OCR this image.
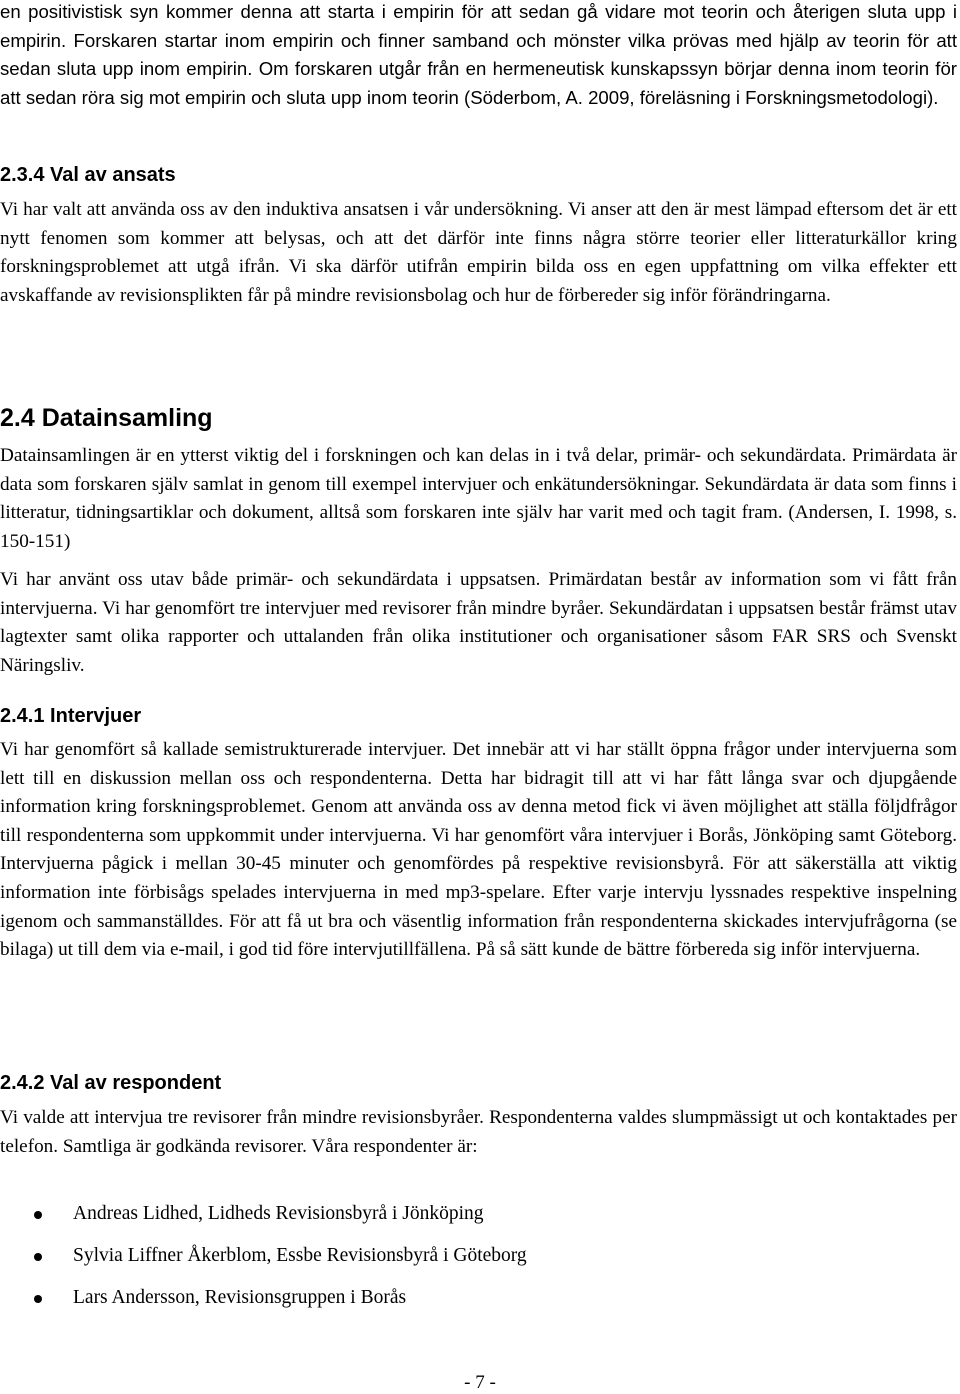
en positivistisk syn kommer denna att starta i empirin för att sedan gå vidare mot teorin och återigen sluta upp i empirin. Forskaren startar inom empirin och finner samband och mönster vilka prövas med hjälp av teorin för att sedan sluta upp inom empirin. Om forskaren utgår från en hermeneutisk kunskapssyn börjar denna inom teorin för att sedan röra sig mot empirin och sluta upp inom teorin (Söderbom, A. 2009, föreläsning i Forskningsmetodologi).

2.3.4 Val av ansats

Vi har valt att använda oss av den induktiva ansatsen i vår undersökning. Vi anser att den är mest lämpad eftersom det är ett nytt fenomen som kommer att belysas, och att det därför inte finns några större teorier eller litteraturkällor kring forskningsproblemet att utgå ifrån. Vi ska därför utifrån empirin bilda oss en egen uppfattning om vilka effekter ett avskaffande av revisionsplikten får på mindre revisionsbolag och hur de förbereder sig inför förändringarna.

2.4 Datainsamling

Datainsamlingen är en ytterst viktig del i forskningen och kan delas in i två delar, primär- och sekundärdata. Primärdata är data som forskaren själv samlat in genom till exempel intervjuer och enkätundersökningar. Sekundärdata är data som finns i litteratur, tidningsartiklar och dokument, alltså som forskaren inte själv har varit med och tagit fram. (Andersen, I. 1998, s. 150-151)

Vi har använt oss utav både primär- och sekundärdata i uppsatsen. Primärdatan består av information som vi fått från intervjuerna. Vi har genomfört tre intervjuer med revisorer från mindre byråer. Sekundärdatan i uppsatsen består främst utav lagtexter samt olika rapporter och uttalanden från olika institutioner och organisationer såsom FAR SRS och Svenskt Näringsliv.

2.4.1 Intervjuer

Vi har genomfört så kallade semistrukturerade intervjuer. Det innebär att vi har ställt öppna frågor under intervjuerna som lett till en diskussion mellan oss och respondenterna. Detta har bidragit till att vi har fått långa svar och djupgående information kring forskningsproblemet. Genom att använda oss av denna metod fick vi även möjlighet att ställa följdfrågor till respondenterna som uppkommit under intervjuerna. Vi har genomfört våra intervjuer i Borås, Jönköping samt Göteborg. Intervjuerna pågick i mellan 30-45 minuter och genomfördes på respektive revisionsbyrå. För att säkerställa att viktig information inte förbisågs spelades intervjuerna in med mp3-spelare. Efter varje intervju lyssnades respektive inspelning igenom och sammanställdes. För att få ut bra och väsentlig information från respondenterna skickades intervjufrågorna (se bilaga) ut till dem via e-mail, i god tid före intervjutillfällena. På så sätt kunde de bättre förbereda sig inför intervjuerna.

2.4.2 Val av respondent

Vi valde att intervjua tre revisorer från mindre revisionsbyråer. Respondenterna valdes slumpmässigt ut och kontaktades per telefon. Samtliga är godkända revisorer. Våra respondenter är:

Andreas Lidhed, Lidheds Revisionsbyrå i Jönköping
Sylvia Liffner Åkerblom, Essbe Revisionsbyrå i Göteborg
Lars Andersson, Revisionsgruppen i Borås
- 7 -
